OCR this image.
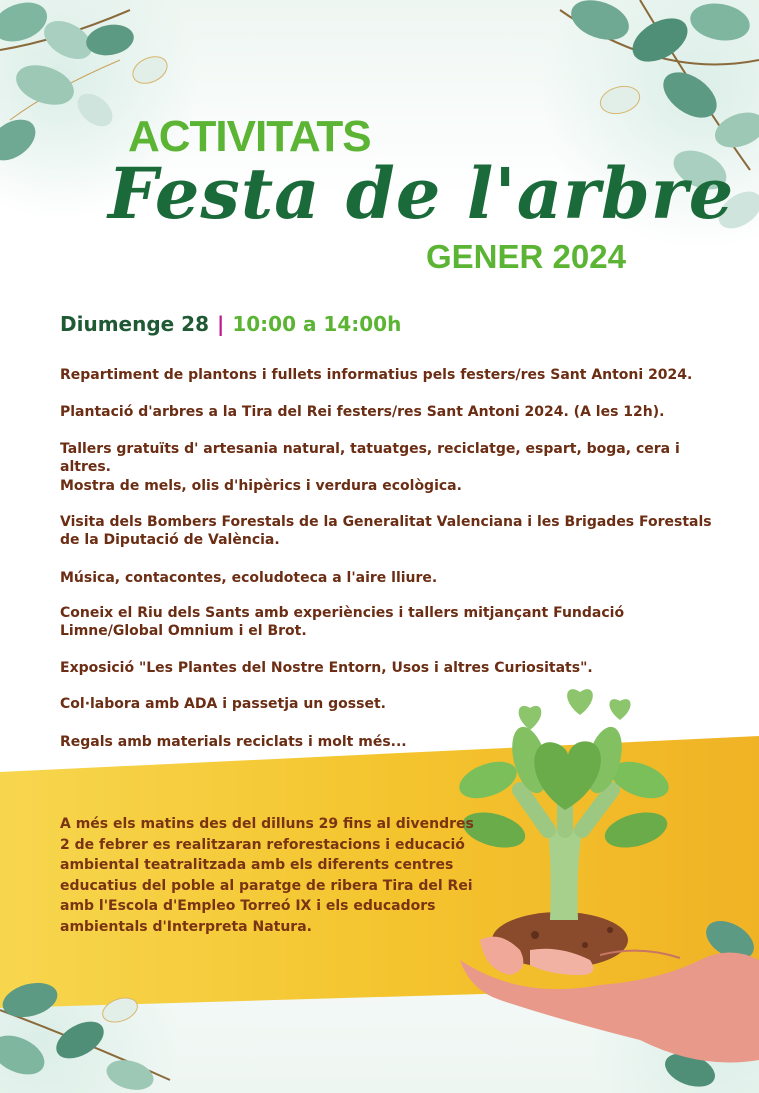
ACTIVITATS
Festa de l'arbre
GENER 2024
Diumenge 28 | 10:00 a 14:00h

Repartiment de plantons i fullets informatius pels festers/res Sant Antoni 2024.

Plantació d'arbres a la Tira del Rei festers/res Sant Antoni 2024. (A les 12h).

Tallers gratuïts d' artesania natural, tatuatges, reciclatge, espart, boga, cera i altres.

Mostra de mels, olis d'hipèrics i verdura ecològica.

Visita dels Bombers Forestals de la Generalitat Valenciana i les Brigades Forestals de la Diputació de València.

Música, contacontes, ecoludoteca a l'aire lliure.

Coneix el Riu dels Sants amb experiències i tallers mitjançant Fundació Limne/Global Omnium i el Brot.

Exposició "Les Plantes del Nostre Entorn, Usos i altres Curiositats".

Col·labora amb ADA i passetja un gosset.

Regals amb materials reciclats i molt més...

A més els matins des del dilluns 29 fins al divendres 2 de febrer es realitzaran reforestacions i educació ambiental teatralitzada amb els diferents centres educatius del poble al paratge de ribera Tira del Rei amb l'Escola d'Empleo Torreó IX i els educadors ambientals d'Interpreta Natura.
